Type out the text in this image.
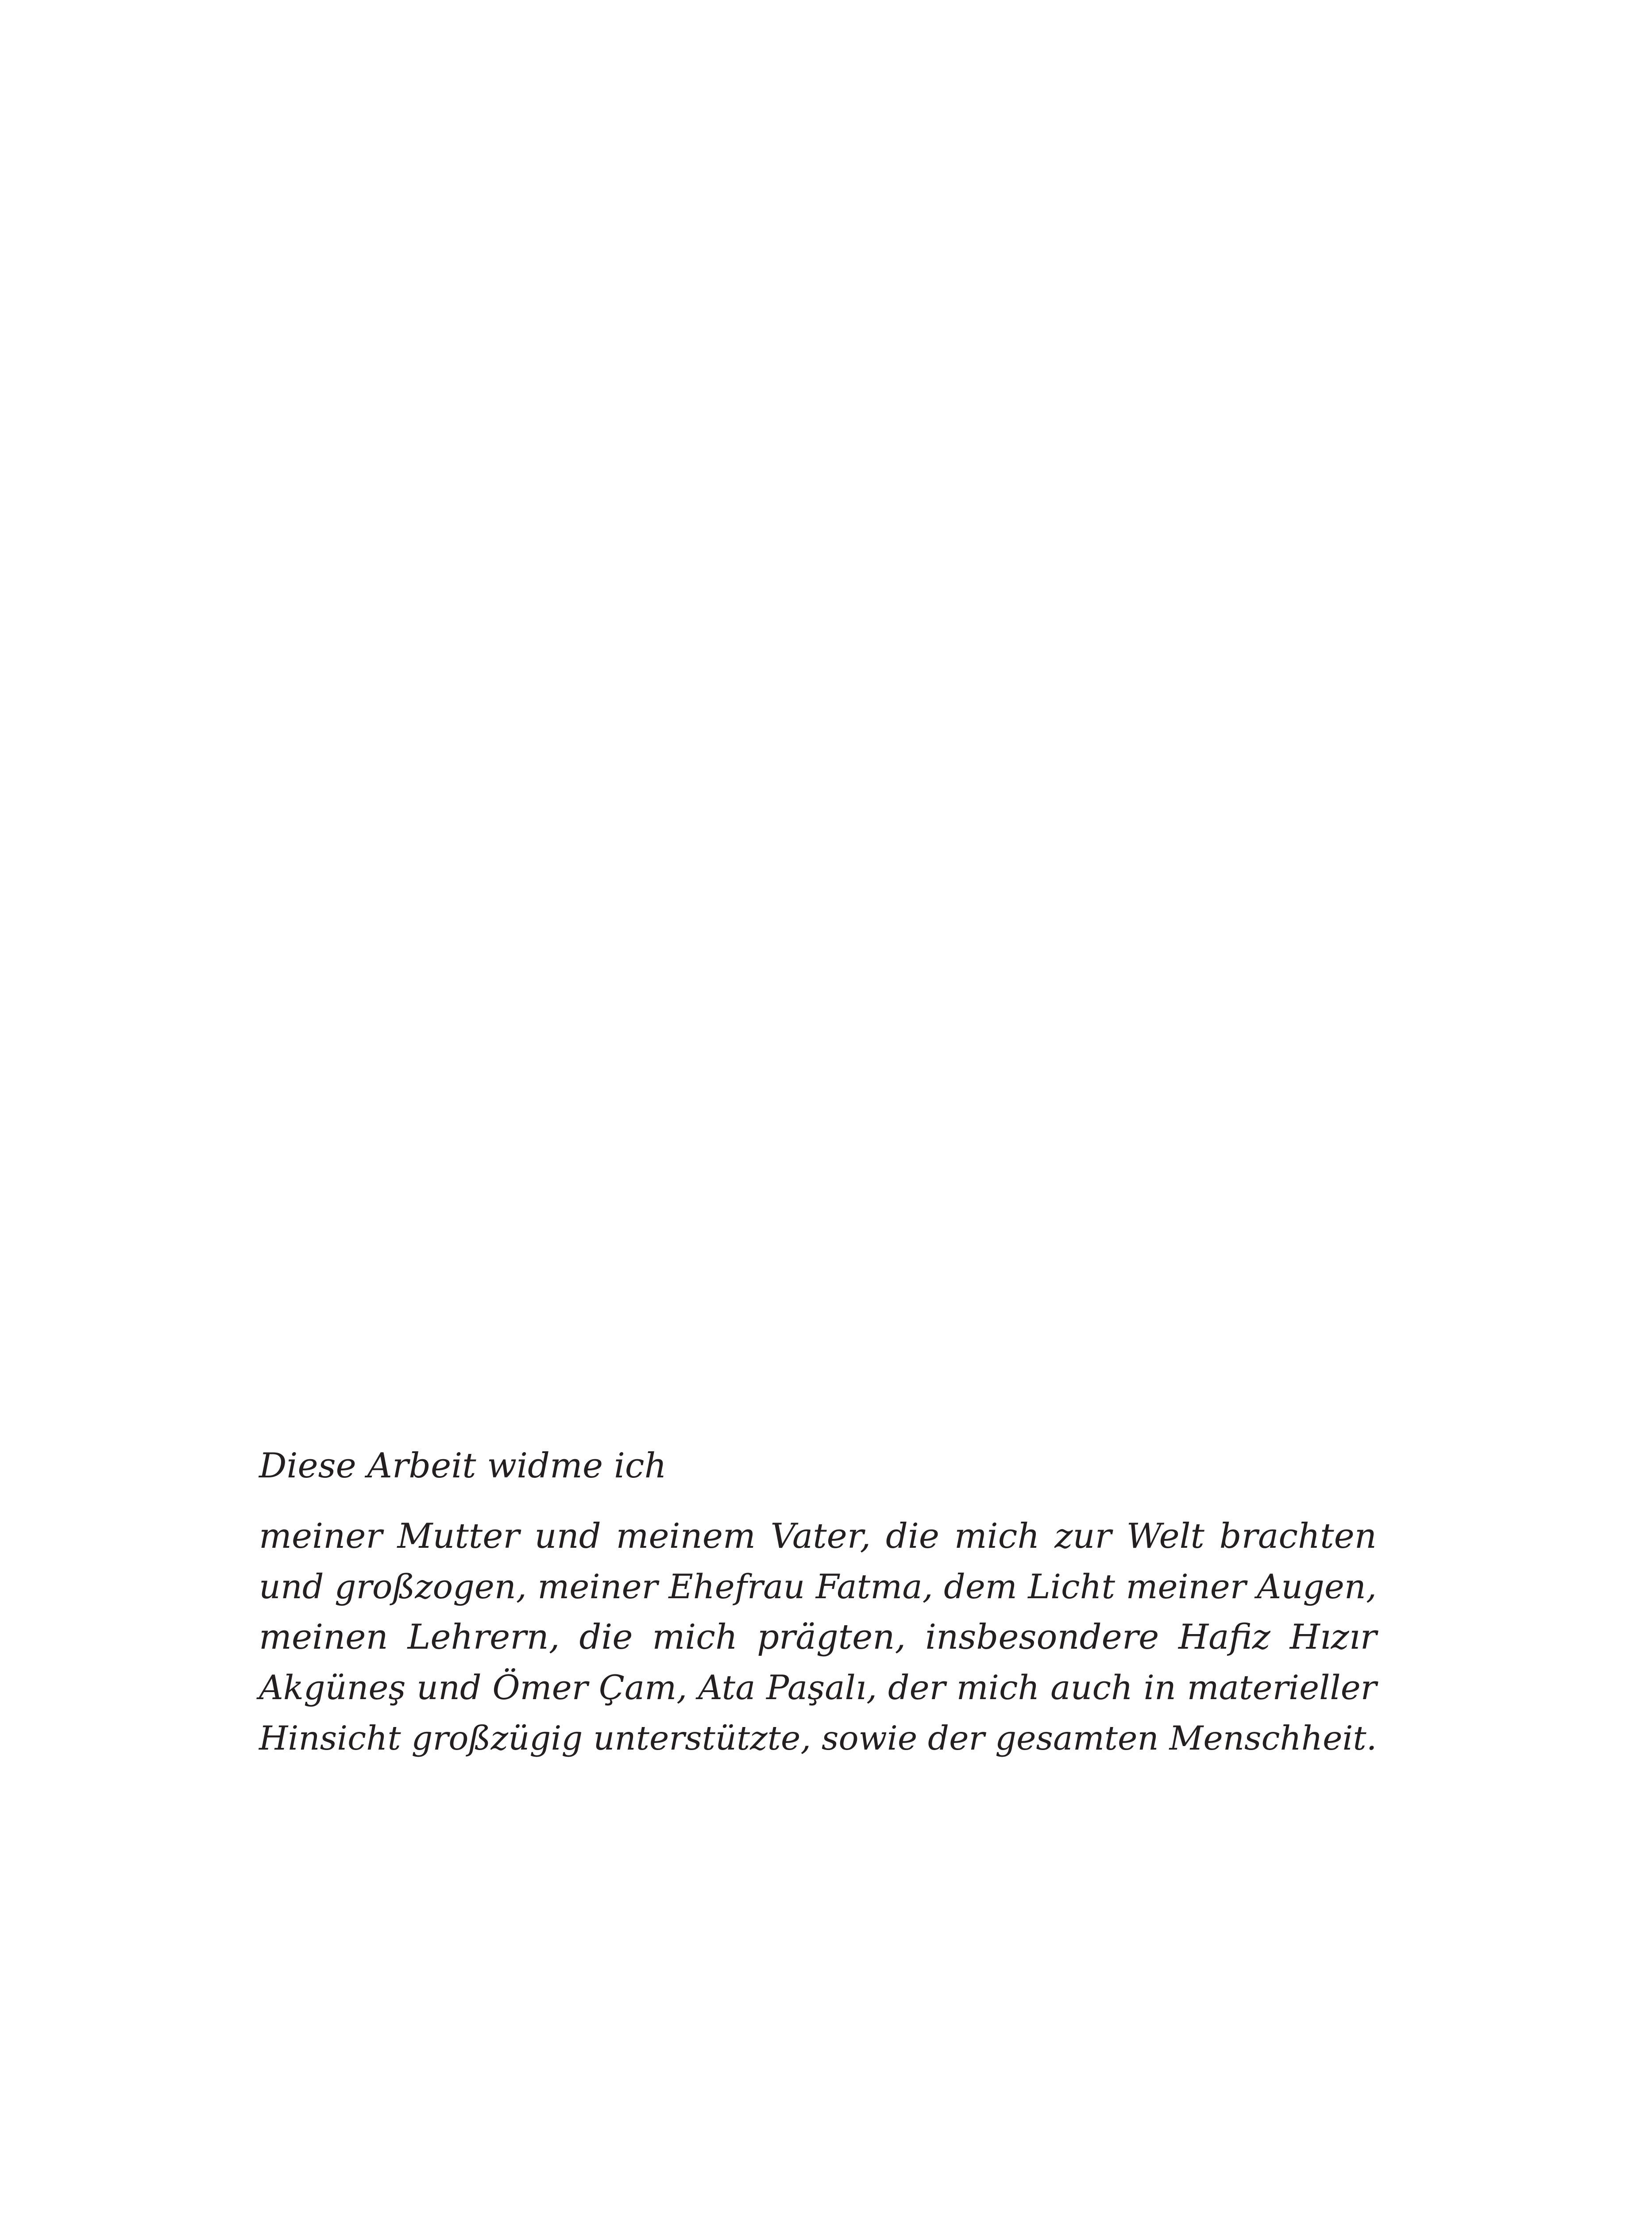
Diese Arbeit widme ich

meiner Mutter und meinem Vater, die mich zur Welt brachten
und großzogen, meiner Ehefrau Fatma, dem Licht meiner Augen,
meinen Lehrern, die mich prägten, insbesondere Hafiz Hızır
Akgüneş und Ömer Çam, Ata Paşalı, der mich auch in materieller
Hinsicht großzügig unterstützte, sowie der gesamten Menschheit.
